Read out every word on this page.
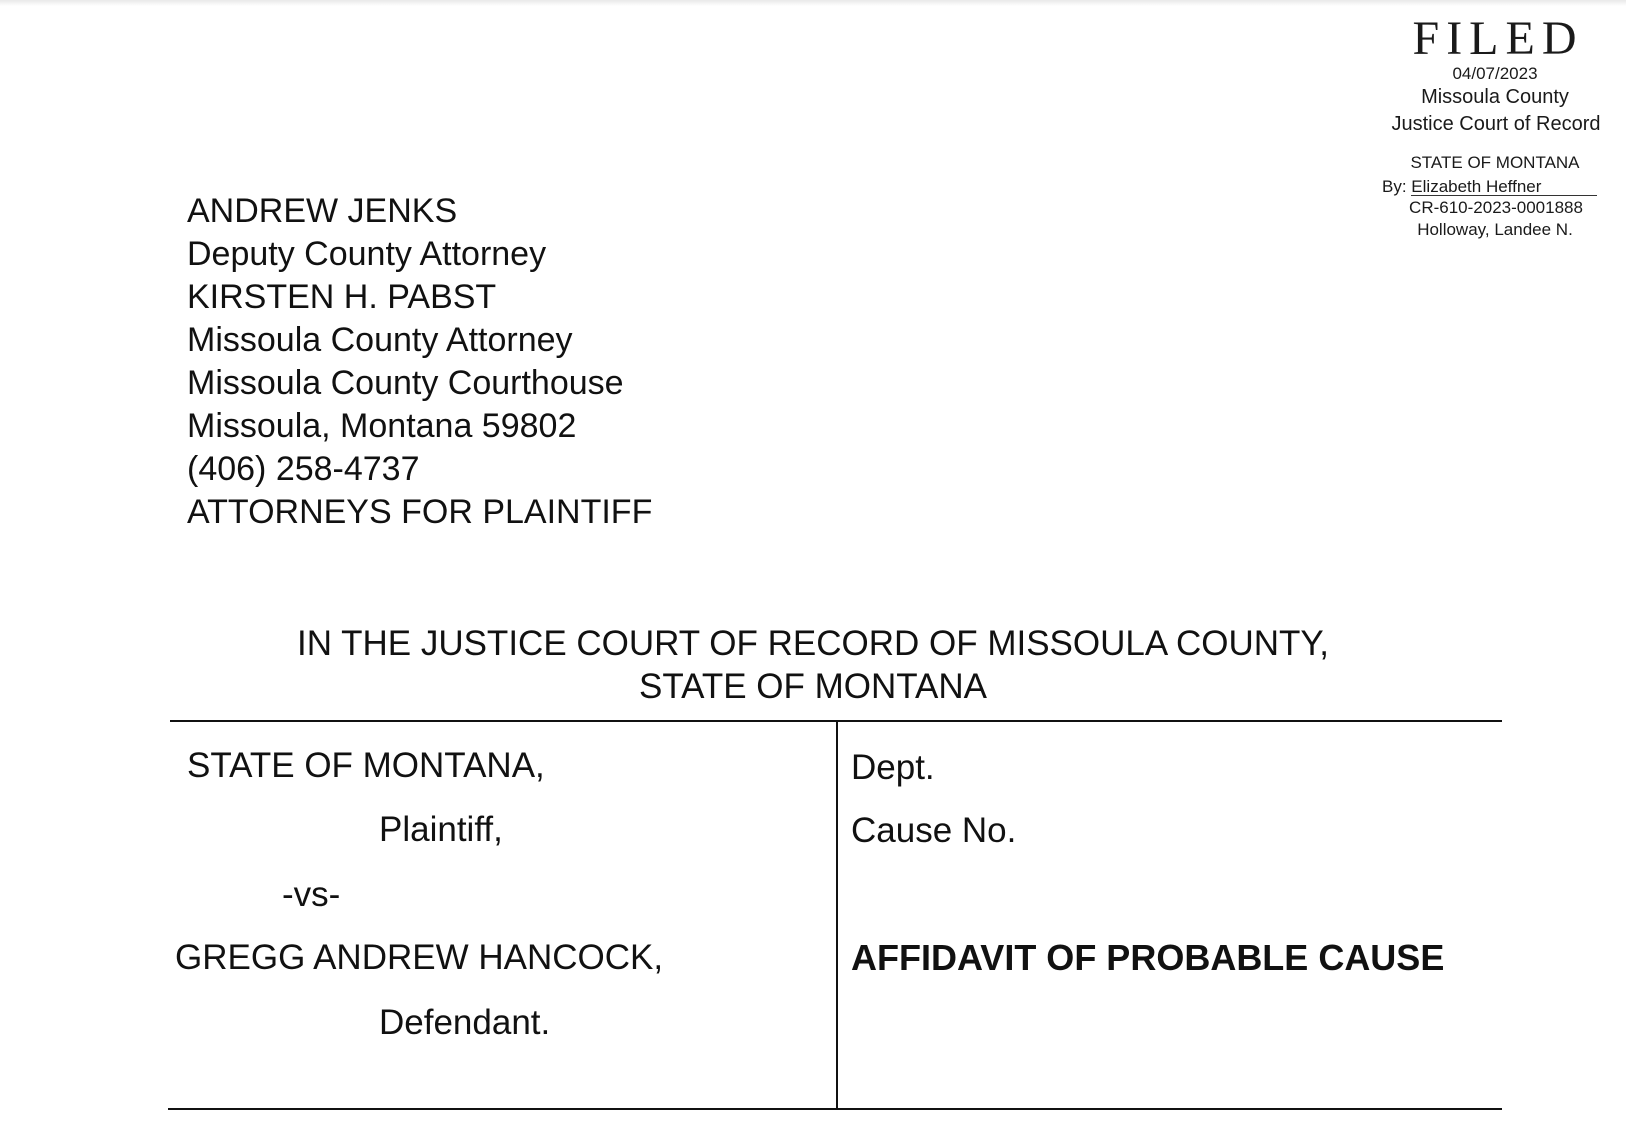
FILED
04/07/2023
Missoula County
Justice Court of Record
STATE OF MONTANA
By: Elizabeth Heffner
CR-610-2023-0001888
Holloway, Landee N.
ANDREW JENKS
Deputy County Attorney
KIRSTEN H. PABST
Missoula County Attorney
Missoula County Courthouse
Missoula, Montana 59802
(406) 258-4737
ATTORNEYS FOR PLAINTIFF
IN THE JUSTICE COURT OF RECORD OF MISSOULA COUNTY,
STATE OF MONTANA
STATE OF MONTANA,
Plaintiff,
-vs-
GREGG ANDREW HANCOCK,
Defendant.
Dept.
Cause No.
AFFIDAVIT OF PROBABLE CAUSE
